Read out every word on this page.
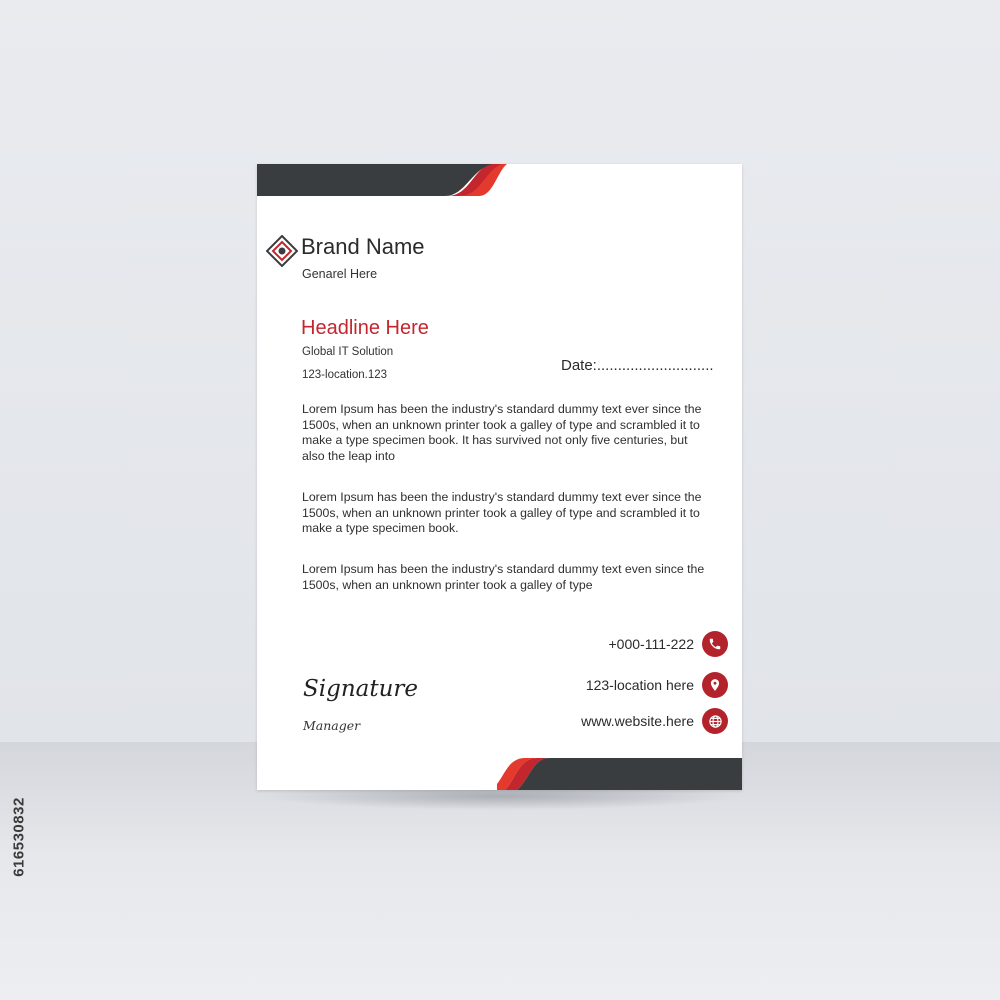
616530832
Brand Name
Genarel Here
Headline Here
Global IT Solution
123-location.123
Date:............................

Lorem Ipsum has been the industry's standard dummy text ever since the 1500s, when an unknown printer took a galley of type and scrambled it to make a type specimen book. It has survived not only five centuries, but also the leap into

Lorem Ipsum has been the industry's standard dummy text ever since the 1500s, when an unknown printer took a galley of type and scrambled it to make a type specimen book.

Lorem Ipsum has been the industry's standard dummy text even since the 1500s, when an unknown printer took a galley of type

Signature
Manager
+000-111-222
123-location here
www.website.here
